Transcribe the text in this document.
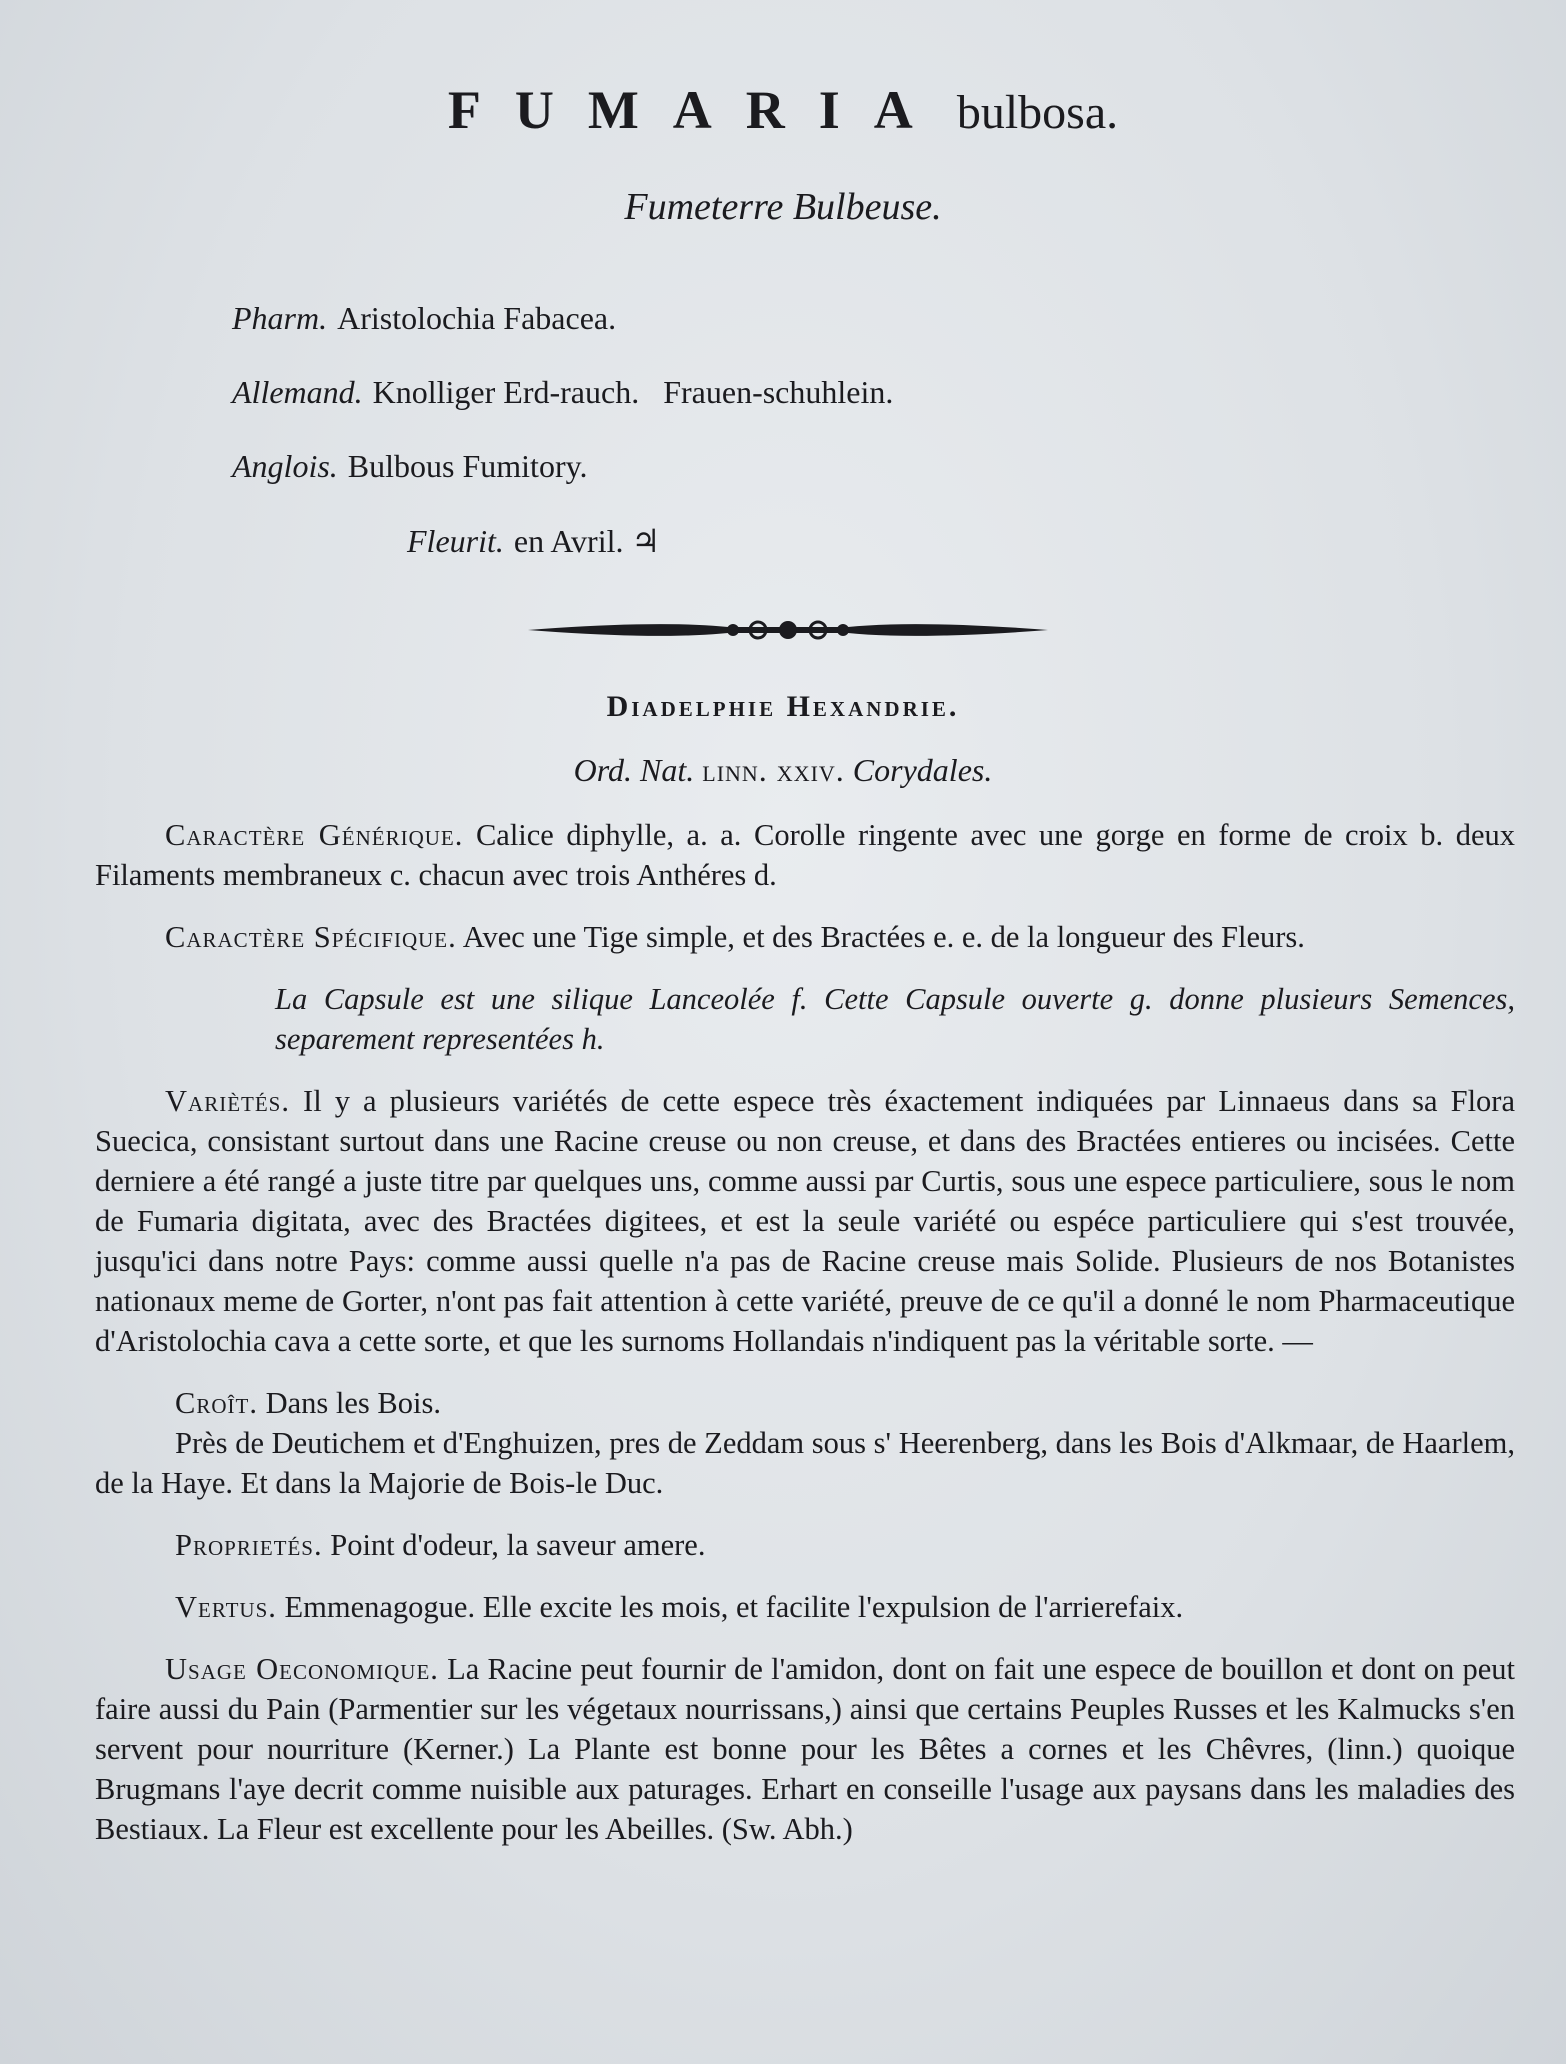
FUMARIA bulbosa.
Fumeterre Bulbeuse.
Pharm. Aristolochia Fabacea.
Allemand. Knolliger Erd-rauch.   Frauen-schuhlein.
Anglois. Bulbous Fumitory.
Fleurit. en Avril. ♃
Diadelphie Hexandrie.
Ord. Nat. linn. xxiv. Corydales.

Caractère Générique. Calice diphylle, a. a. Corolle ringente avec une gorge en forme de croix b. deux Filaments membraneux c. chacun avec trois Anthéres d.

Caractère Spécifique. Avec une Tige simple, et des Bractées e. e. de la longueur des Fleurs.

La Capsule est une silique Lanceolée f. Cette Capsule ouverte g. donne plusieurs Semences, separement representées h.

Variètés. Il y a plusieurs variétés de cette espece très éxactement indiquées par Linnaeus dans sa Flora Suecica, consistant surtout dans une Racine creuse ou non creuse, et dans des Bractées entieres ou incisées. Cette derniere a été rangé a juste titre par quelques uns, comme aussi par Curtis, sous une espece particuliere, sous le nom de Fumaria digitata, avec des Bractées digitees, et est la seule variété ou espéce particuliere qui s'est trouvée, jusqu'ici dans notre Pays: comme aussi quelle n'a pas de Racine creuse mais Solide. Plusieurs de nos Botanistes nationaux meme de Gorter, n'ont pas fait attention à cette variété, preuve de ce qu'il a donné le nom Pharmaceutique d'Aristolochia cava a cette sorte, et que les surnoms Hollandais n'indiquent pas la véritable sorte. —

Croît. Dans les Bois.

Près de Deutichem et d'Enghuizen, pres de Zeddam sous s' Heerenberg, dans les Bois d'Alkmaar, de Haarlem, de la Haye. Et dans la Majorie de Bois-le Duc.

Proprietés. Point d'odeur, la saveur amere.

Vertus. Emmenagogue. Elle excite les mois, et facilite l'expulsion de l'arrierefaix.

Usage Oeconomique. La Racine peut fournir de l'amidon, dont on fait une espece de bouillon et dont on peut faire aussi du Pain (Parmentier sur les végetaux nourrissans,) ainsi que certains Peuples Russes et les Kalmucks s'en servent pour nourriture (Kerner.) La Plante est bonne pour les Bêtes a cornes et les Chêvres, (linn.) quoique Brugmans l'aye decrit comme nuisible aux paturages. Erhart en conseille l'usage aux paysans dans les maladies des Bestiaux. La Fleur est excellente pour les Abeilles. (Sw. Abh.)
